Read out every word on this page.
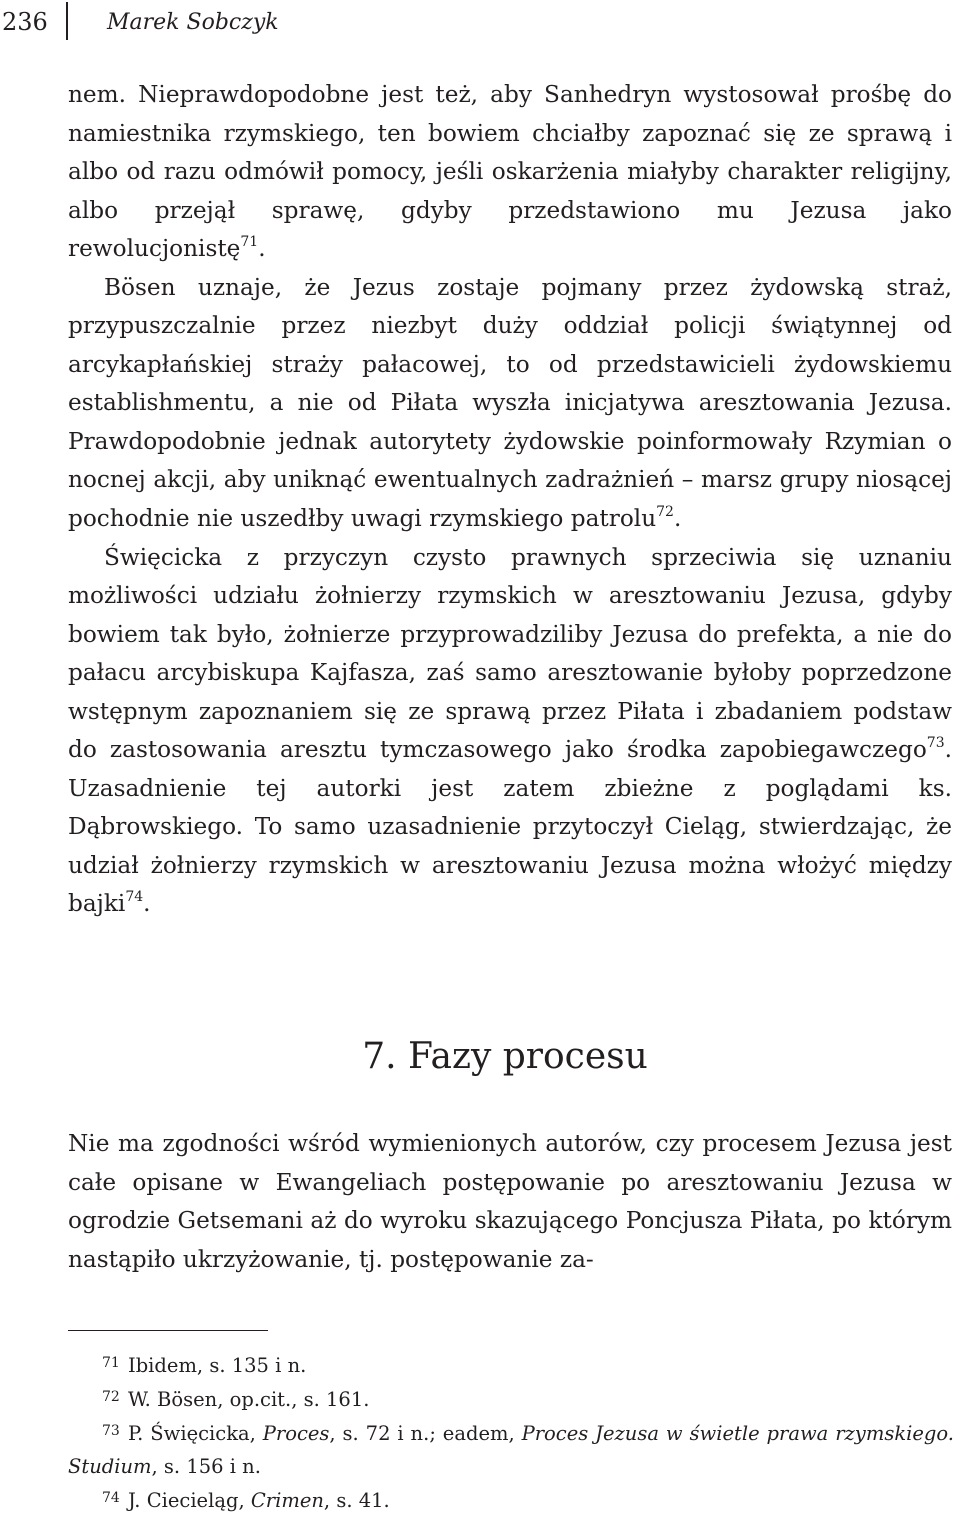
236	Marek Sobczyk

nem. Nieprawdopodobne jest też, aby Sanhedryn wystosował prośbę do namiestnika rzymskiego, ten bowiem chciałby zapoznać się ze sprawą i albo od razu odmówił pomocy, jeśli oskarżenia miałyby charakter religijny, albo przejął sprawę, gdyby przedstawiono mu Jezusa jako rewolucjonistę$^{71}$.

Bösen uznaje, że Jezus zostaje pojmany przez żydowską straż, przypuszczalnie przez niezbyt duży oddział policji świątynnej od arcykapłańskiej straży pałacowej, to od przedstawicieli żydowskiemu establishmentu, a nie od Piłata wyszła inicjatywa aresztowania Jezusa. Prawdopodobnie jednak autorytety żydowskie poinformowały Rzymian o nocnej akcji, aby uniknąć ewentualnych zadrażnień – marsz grupy niosącej pochodnie nie uszedłby uwagi rzymskiego patrolu$^{72}$.

Święcicka z przyczyn czysto prawnych sprzeciwia się uznaniu możliwości udziału żołnierzy rzymskich w aresztowaniu Jezusa, gdyby bowiem tak było, żołnierze przyprowadziliby Jezusa do prefekta, a nie do pałacu arcybiskupa Kajfasza, zaś samo aresztowanie byłoby poprzedzone wstępnym zapoznaniem się ze sprawą przez Piłata i zbadaniem podstaw do zastosowania aresztu tymczasowego jako środka zapobiegawczego$^{73}$. Uzasadnienie tej autorki jest zatem zbieżne z poglądami ks. Dąbrowskiego. To samo uzasadnienie przytoczył Cieląg, stwierdzając, że udział żołnierzy rzymskich w aresztowaniu Jezusa można włożyć między bajki$^{74}$.

7. Fazy procesu

Nie ma zgodności wśród wymienionych autorów, czy procesem Jezusa jest całe opisane w Ewangeliach postępowanie po aresztowaniu Jezusa w ogrodzie Getsemani aż do wyroku skazującego Poncjusza Piłata, po którym nastąpiło ukrzyżowanie, tj. postępowanie za-

71 Ibidem, s. 135 i n.

72 W. Bösen, op.cit., s. 161.

73 P. Święcicka, Proces, s. 72 i n.; eadem, Proces Jezusa w świetle prawa rzymskiego. Studium, s. 156 i n.

74 J. Ciecieląg, Crimen, s. 41.
